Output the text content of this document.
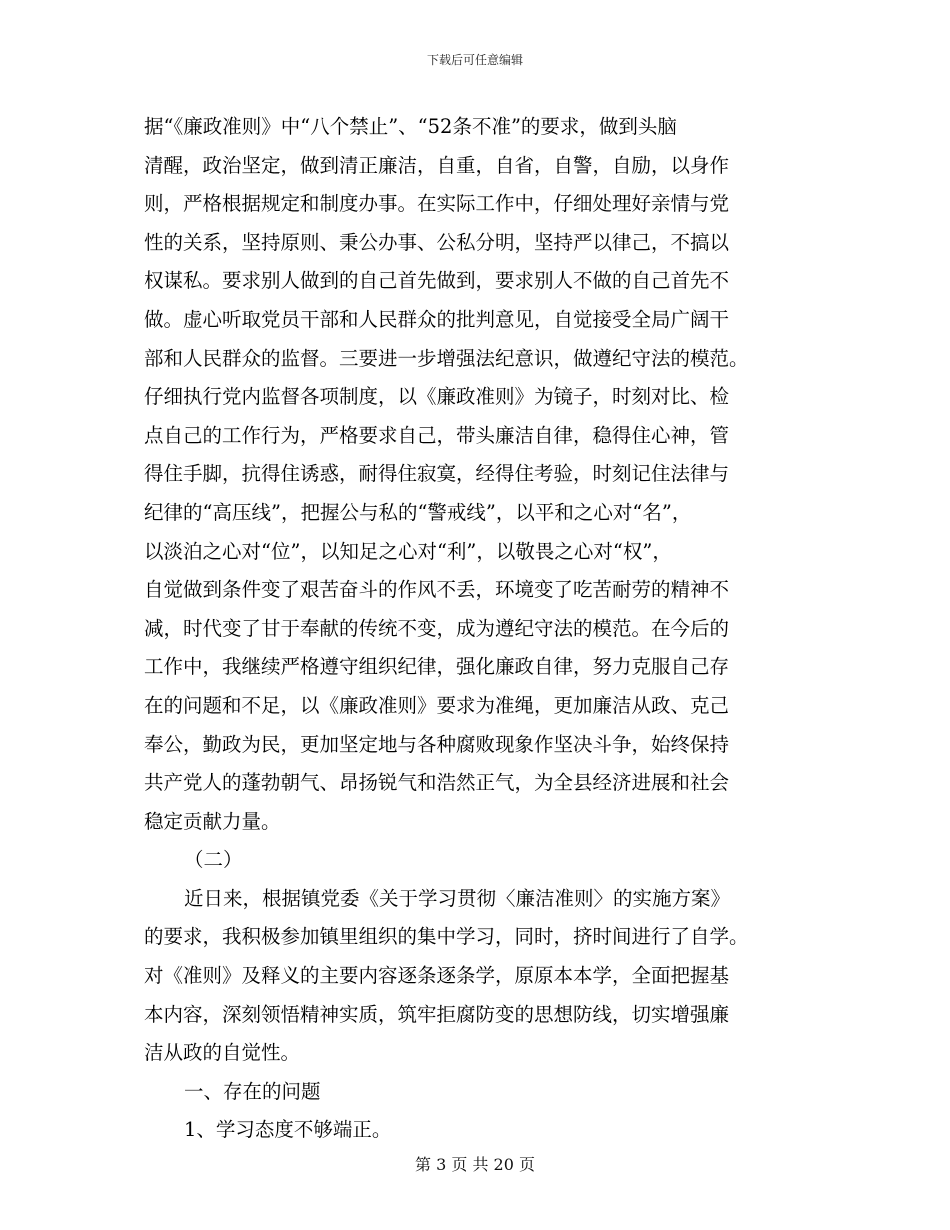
下载后可任意编辑
据“《廉政准则》中“八个禁止”、“52条不准”的要求，做到头脑
清醒，政治坚定，做到清正廉洁，自重，自省，自警，自励，以身作
则，严格根据规定和制度办事。在实际工作中，仔细处理好亲情与党
性的关系，坚持原则、秉公办事、公私分明，坚持严以律己，不搞以
权谋私。要求别人做到的自己首先做到，要求别人不做的自己首先不
做。虚心听取党员干部和人民群众的批判意见，自觉接受全局广阔干
部和人民群众的监督。三要进一步增强法纪意识，做遵纪守法的模范。
仔细执行党内监督各项制度，以《廉政准则》为镜子，时刻对比、检
点自己的工作行为，严格要求自己，带头廉洁自律，稳得住心神，管
得住手脚，抗得住诱惑，耐得住寂寞，经得住考验，时刻记住法律与
纪律的“高压线”，把握公与私的“警戒线”，以平和之心对“名”，
以淡泊之心对“位”，以知足之心对“利”，以敬畏之心对“权”，
自觉做到条件变了艰苦奋斗的作风不丢，环境变了吃苦耐劳的精神不
减，时代变了甘于奉献的传统不变，成为遵纪守法的模范。在今后的
工作中，我继续严格遵守组织纪律，强化廉政自律，努力克服自己存
在的问题和不足，以《廉政准则》要求为准绳，更加廉洁从政、克己
奉公，勤政为民，更加坚定地与各种腐败现象作坚决斗争，始终保持
共产党人的蓬勃朝气、昂扬锐气和浩然正气，为全县经济进展和社会
稳定贡献力量。
（二）
近日来，根据镇党委《关于学习贯彻〈廉洁准则〉的实施方案》
的要求，我积极参加镇里组织的集中学习，同时，挤时间进行了自学。
对《准则》及释义的主要内容逐条逐条学，原原本本学，全面把握基
本内容，深刻领悟精神实质，筑牢拒腐防变的思想防线，切实增强廉
洁从政的自觉性。
一、存在的问题
1、学习态度不够端正。
第 3 页 共 20 页
